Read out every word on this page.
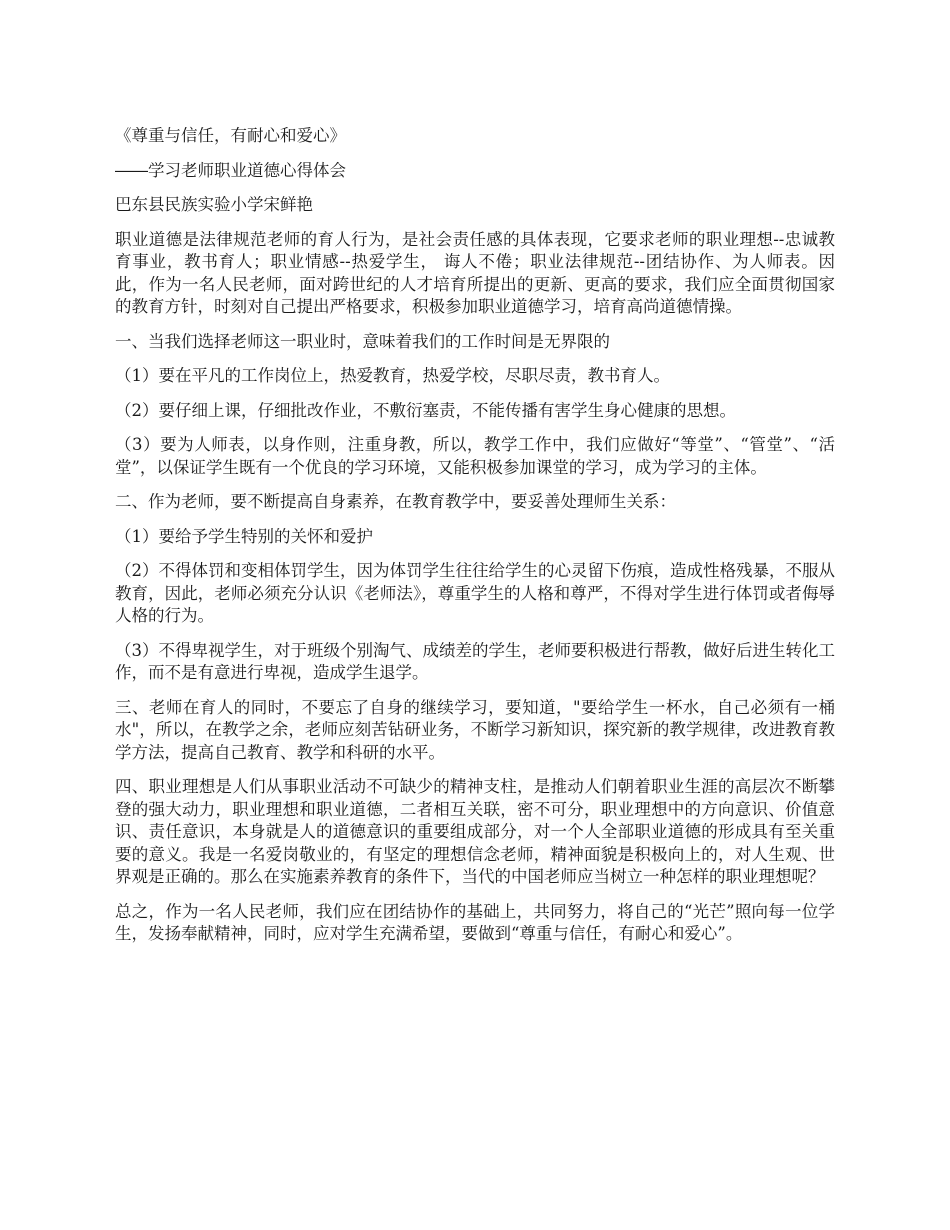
《尊重与信任，有耐心和爱心》

――学习老师职业道德心得体会

巴东县民族实验小学宋鲜艳

职业道德是法律规范老师的育人行为，是社会责任感的具体表现，它要求老师的职业理想--忠诚教育事业，教书育人；职业情感--热爱学生， 诲人不倦；职业法律规范--团结协作、为人师表。因此，作为一名人民老师，面对跨世纪的人才培育所提出的更新、更高的要求，我们应全面贯彻国家的教育方针，时刻对自己提出严格要求，积极参加职业道德学习，培育高尚道德情操。

一、当我们选择老师这一职业时，意味着我们的工作时间是无界限的

（1）要在平凡的工作岗位上，热爱教育，热爱学校，尽职尽责，教书育人。

（2）要仔细上课，仔细批改作业，不敷衍塞责，不能传播有害学生身心健康的思想。

（3）要为人师表，以身作则，注重身教，所以，教学工作中，我们应做好“等堂”、“管堂”、“活堂”，以保证学生既有一个优良的学习环境，又能积极参加课堂的学习，成为学习的主体。

二、作为老师，要不断提高自身素养，在教育教学中，要妥善处理师生关系：

（1）要给予学生特别的关怀和爱护

（2）不得体罚和变相体罚学生，因为体罚学生往往给学生的心灵留下伤痕，造成性格残暴，不服从教育，因此，老师必须充分认识《老师法》，尊重学生的人格和尊严，不得对学生进行体罚或者侮辱人格的行为。

（3）不得卑视学生，对于班级个别淘气、成绩差的学生，老师要积极进行帮教，做好后进生转化工作，而不是有意进行卑视，造成学生退学。

三、老师在育人的同时，不要忘了自身的继续学习，要知道，"要给学生一杯水，自己必须有一桶水"，所以，在教学之余，老师应刻苦钻研业务，不断学习新知识，探究新的教学规律，改进教育教学方法，提高自己教育、教学和科研的水平。

四、职业理想是人们从事职业活动不可缺少的精神支柱，是推动人们朝着职业生涯的高层次不断攀登的强大动力，职业理想和职业道德，二者相互关联，密不可分，职业理想中的方向意识、价值意识、责任意识，本身就是人的道德意识的重要组成部分，对一个人全部职业道德的形成具有至关重要的意义。我是一名爱岗敬业的，有坚定的理想信念老师，精神面貌是积极向上的，对人生观、世界观是正确的。那么在实施素养教育的条件下，当代的中国老师应当树立一种怎样的职业理想呢？

总之，作为一名人民老师，我们应在团结协作的基础上，共同努力，将自己的“光芒”照向每一位学生，发扬奉献精神，同时，应对学生充满希望，要做到“尊重与信任，有耐心和爱心”。
